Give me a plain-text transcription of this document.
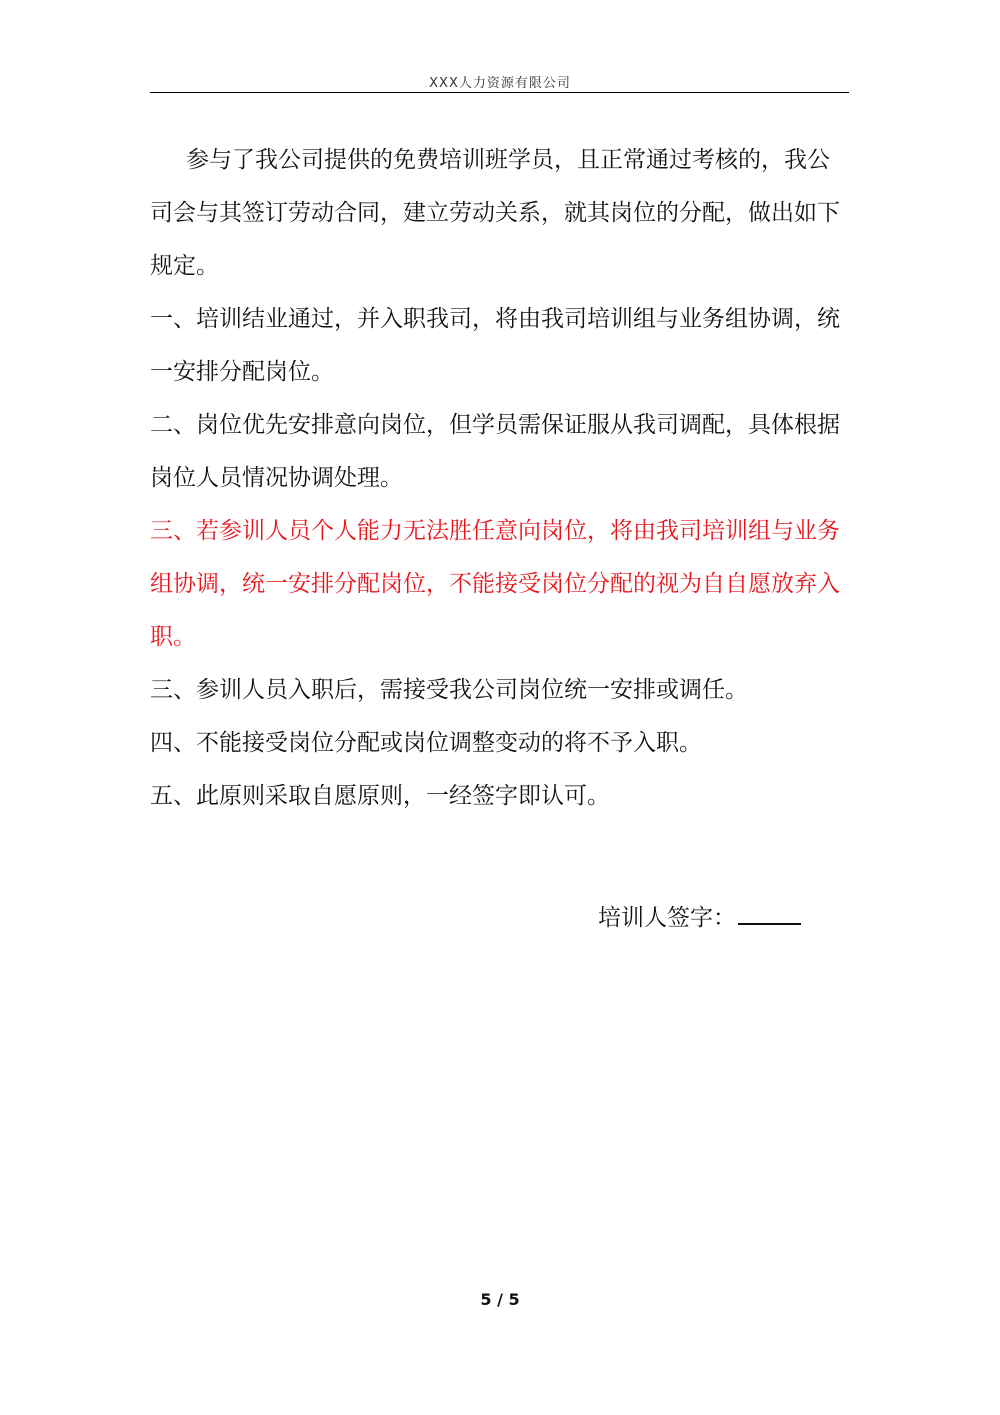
XXX人力资源有限公司

参与了我公司提供的免费培训班学员，且正常通过考核的，我公司会与其签订劳动合同，建立劳动关系，就其岗位的分配，做出如下规定。

一、培训结业通过，并入职我司，将由我司培训组与业务组协调，统一安排分配岗位。

二、岗位优先安排意向岗位，但学员需保证服从我司调配，具体根据岗位人员情况协调处理。

三、若参训人员个人能力无法胜任意向岗位，将由我司培训组与业务组协调，统一安排分配岗位，不能接受岗位分配的视为自自愿放弃入职。

三、参训人员入职后，需接受我公司岗位统一安排或调任。

四、不能接受岗位分配或岗位调整变动的将不予入职。

五、此原则采取自愿原则，一经签字即认可。

培训人签字：
5 / 5
